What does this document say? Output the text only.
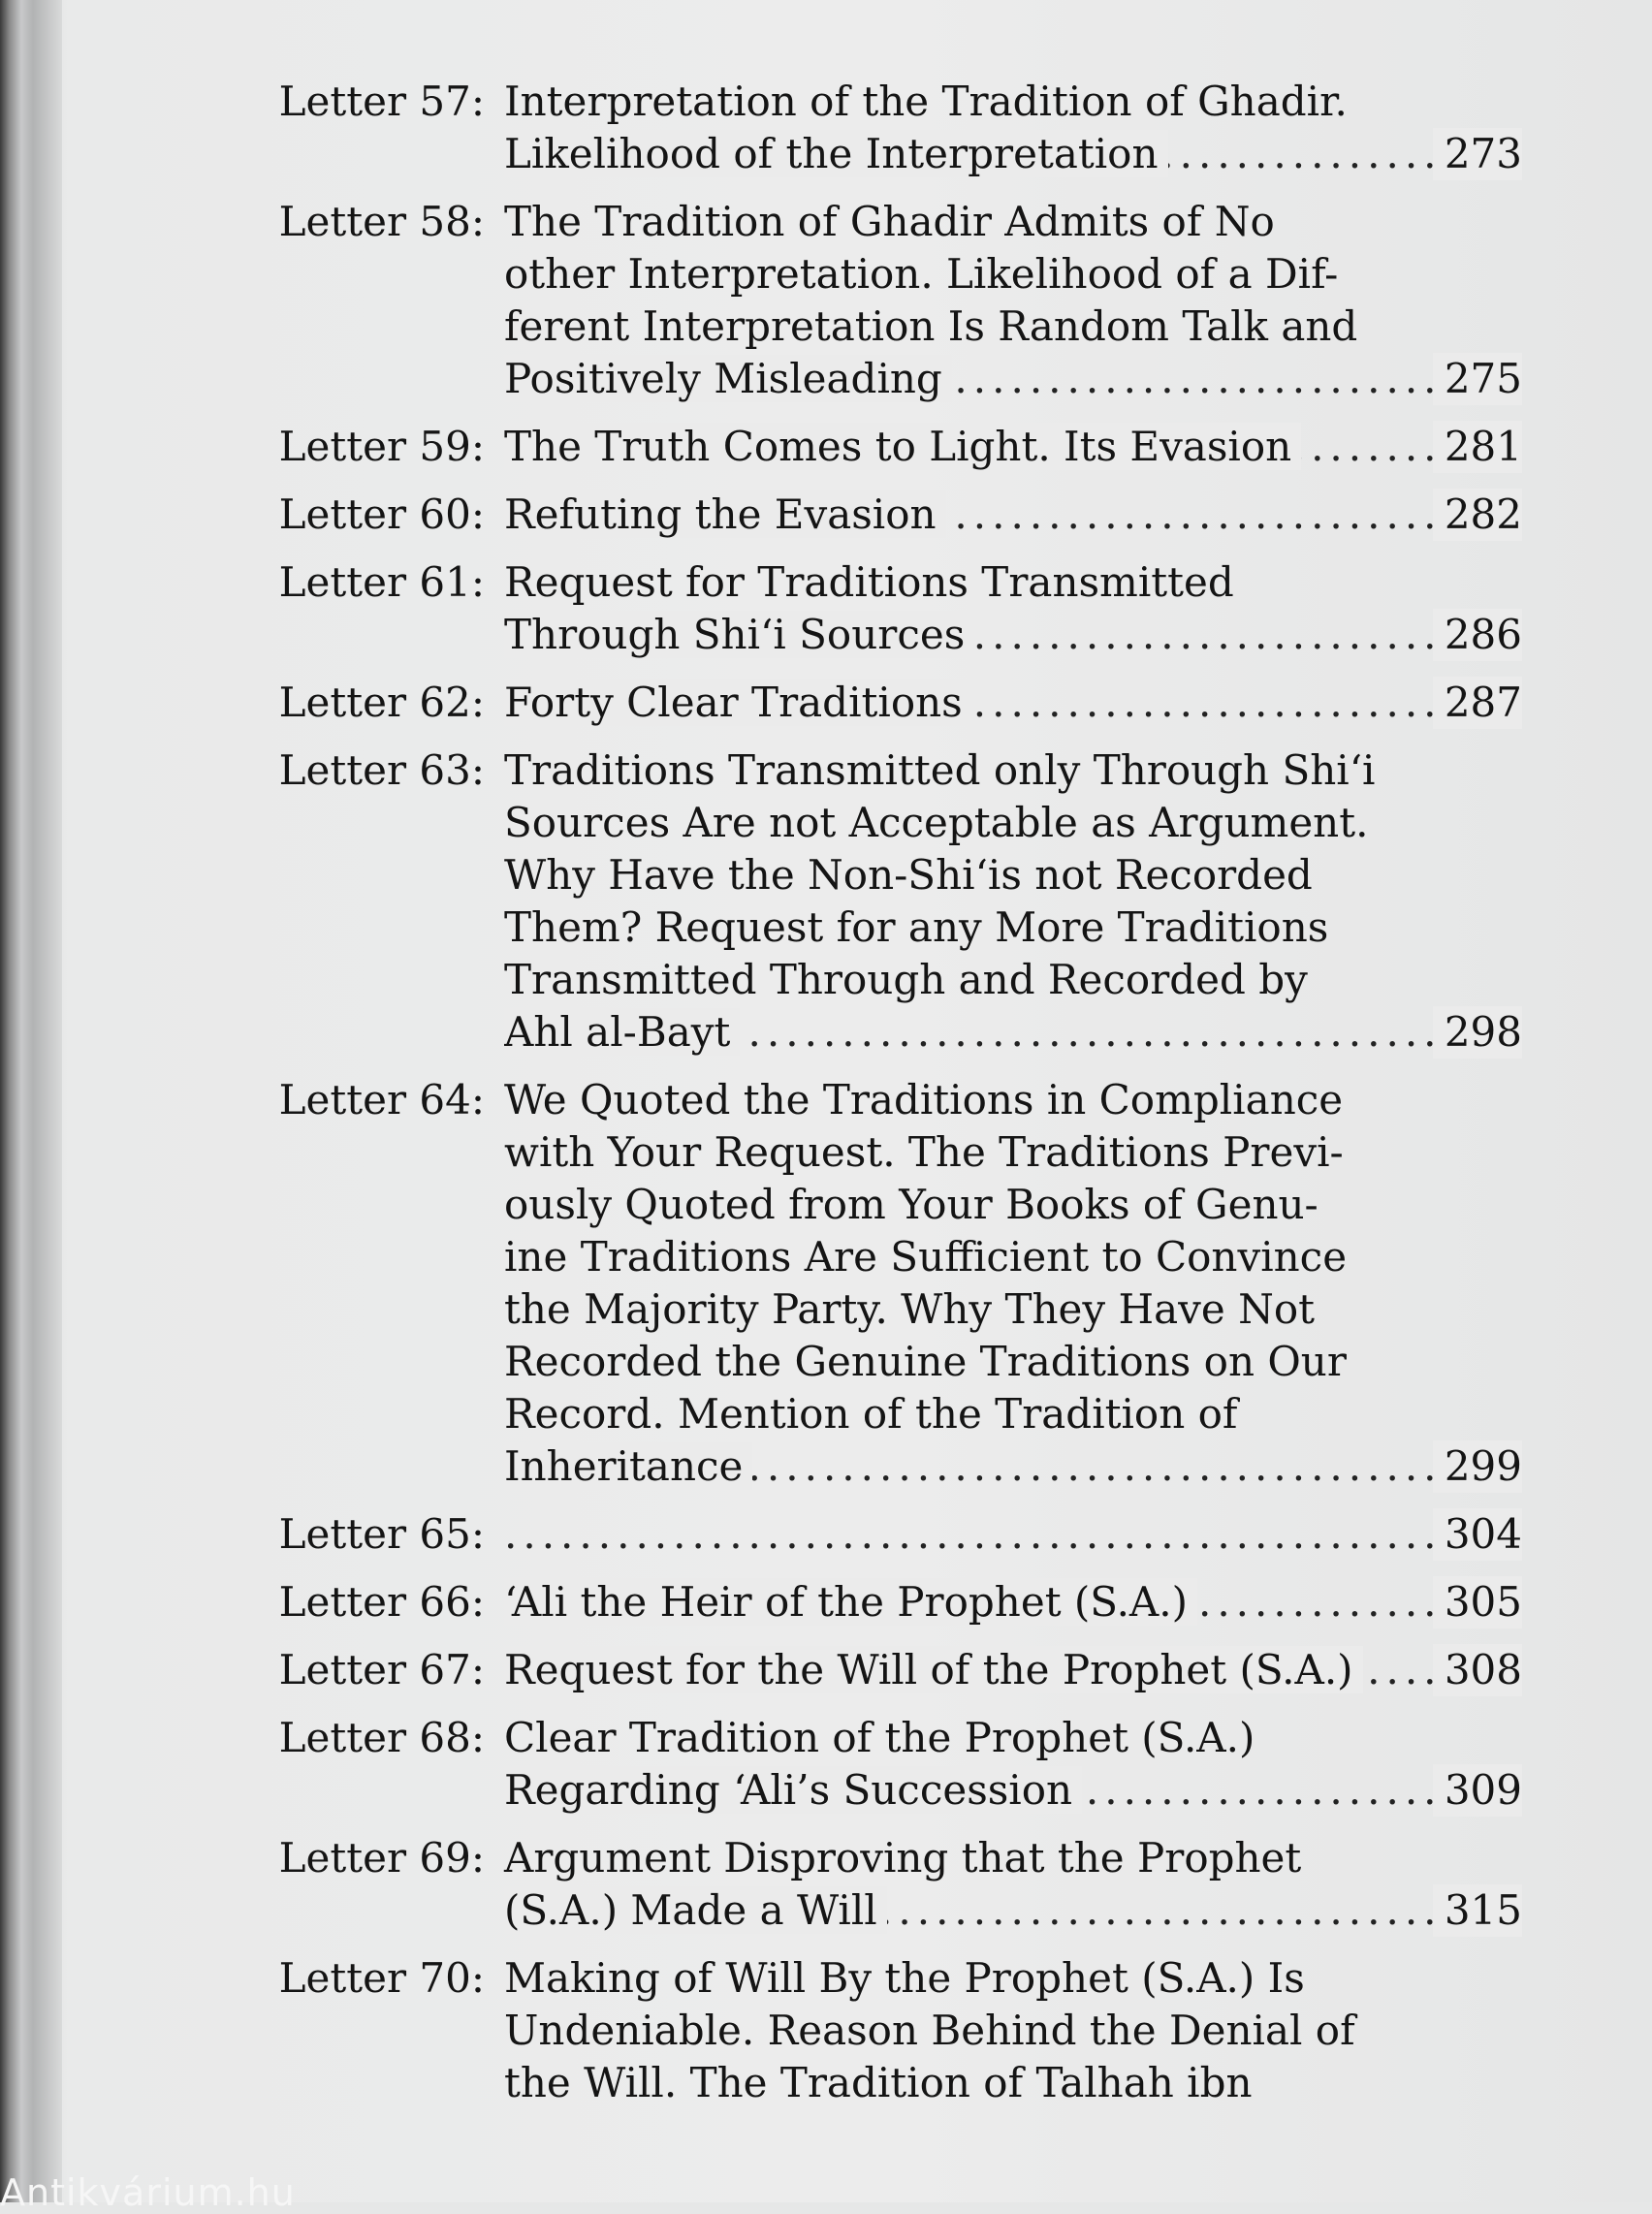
Letter 57: Interpretation of the Tradition of Ghadir.
..... Likelihood of the Interpretation	273
Letter 58: The Tradition of Ghadir Admits of No
other Interpretation. Likelihood of a Dif-
ferent Interpretation Is Random Talk and
..... Positively Misleading	275
Letter 59: ..... The Truth Comes to Light. Its Evasion	281
Letter 60: ..... Refuting the Evasion	282
Letter 61: Request for Traditions Transmitted
..... Through Shi‘i Sources	286
Letter 62: ..... Forty Clear Traditions	287
Letter 63: Traditions Transmitted only Through Shi‘i
Sources Are not Acceptable as Argument.
Why Have the Non-Shi‘is not Recorded
Them? Request for any More Traditions
Transmitted Through and Recorded by
..... Ahl al-Bayt	298
Letter 64: We Quoted the Traditions in Compliance
with Your Request. The Traditions Previ-
ously Quoted from Your Books of Genu-
ine Traditions Are Sufficient to Convince
the Majority Party. Why They Have Not
Recorded the Genuine Traditions on Our
Record. Mention of the Tradition of
..... Inheritance	299
Letter 65:	..... 304
Letter 66: ..... ‘Ali the Heir of the Prophet (S.A.)	305
Letter 67: ..... Request for the Will of the Prophet (S.A.) 308
Letter 68: Clear Tradition of the Prophet (S.A.)
..... Regarding ‘Ali’s Succession	309
Letter 69: Argument Disproving that the Prophet
..... (S.A.) Made a Will	315
Letter 70: Making of Will By the Prophet (S.A.) Is
Undeniable. Reason Behind the Denial of
the Will. The Tradition of Talhah ibn
Antikvárium.hu
